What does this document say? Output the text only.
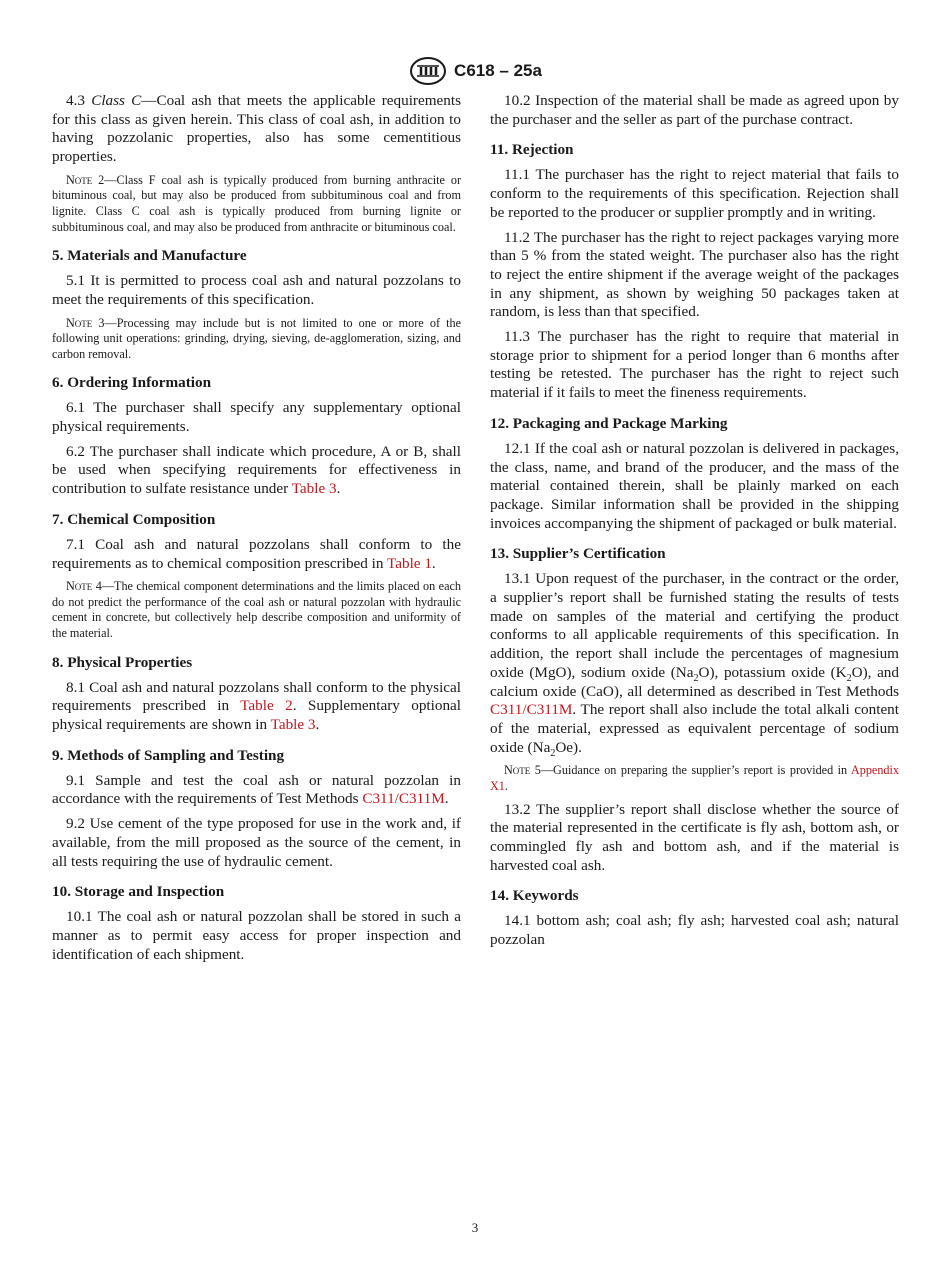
C618 – 25a

4.3 Class C—Coal ash that meets the applicable requirements for this class as given herein. This class of coal ash, in addition to having pozzolanic properties, also has some cementitious properties.

Note 2—Class F coal ash is typically produced from burning anthracite or bituminous coal, but may also be produced from subbituminous coal and from lignite. Class C coal ash is typically produced from burning lignite or subbituminous coal, and may also be produced from anthracite or bituminous coal.

5. Materials and Manufacture

5.1 It is permitted to process coal ash and natural pozzolans to meet the requirements of this specification.

Note 3—Processing may include but is not limited to one or more of the following unit operations: grinding, drying, sieving, de-agglomeration, sizing, and carbon removal.

6. Ordering Information

6.1 The purchaser shall specify any supplementary optional physical requirements.

6.2 The purchaser shall indicate which procedure, A or B, shall be used when specifying requirements for effectiveness in contribution to sulfate resistance under Table 3.

7. Chemical Composition

7.1 Coal ash and natural pozzolans shall conform to the requirements as to chemical composition prescribed in Table 1.

Note 4—The chemical component determinations and the limits placed on each do not predict the performance of the coal ash or natural pozzolan with hydraulic cement in concrete, but collectively help describe composition and uniformity of the material.

8. Physical Properties

8.1 Coal ash and natural pozzolans shall conform to the physical requirements prescribed in Table 2. Supplementary optional physical requirements are shown in Table 3.

9. Methods of Sampling and Testing

9.1 Sample and test the coal ash or natural pozzolan in accordance with the requirements of Test Methods C311/C311M.

9.2 Use cement of the type proposed for use in the work and, if available, from the mill proposed as the source of the cement, in all tests requiring the use of hydraulic cement.

10. Storage and Inspection

10.1 The coal ash or natural pozzolan shall be stored in such a manner as to permit easy access for proper inspection and identification of each shipment.

10.2 Inspection of the material shall be made as agreed upon by the purchaser and the seller as part of the purchase contract.

11. Rejection

11.1 The purchaser has the right to reject material that fails to conform to the requirements of this specification. Rejection shall be reported to the producer or supplier promptly and in writing.

11.2 The purchaser has the right to reject packages varying more than 5 % from the stated weight. The purchaser also has the right to reject the entire shipment if the average weight of the packages in any shipment, as shown by weighing 50 packages taken at random, is less than that specified.

11.3 The purchaser has the right to require that material in storage prior to shipment for a period longer than 6 months after testing be retested. The purchaser has the right to reject such material if it fails to meet the fineness requirements.

12. Packaging and Package Marking

12.1 If the coal ash or natural pozzolan is delivered in packages, the class, name, and brand of the producer, and the mass of the material contained therein, shall be plainly marked on each package. Similar information shall be provided in the shipping invoices accompanying the shipment of packaged or bulk material.

13. Supplier’s Certification

13.1 Upon request of the purchaser, in the contract or the order, a supplier’s report shall be furnished stating the results of tests made on samples of the material and certifying the product conforms to all applicable requirements of this specification. In addition, the report shall include the percentages of magnesium oxide (MgO), sodium oxide $(Na_2O)$, potassium oxide $(K_2O)$, and calcium oxide (CaO), all determined as described in Test Methods C311/C311M. The report shall also include the total alkali content of the material, expressed as equivalent percentage of sodium oxide $(Na_2Oe)$.

Note 5—Guidance on preparing the supplier’s report is provided in Appendix X1.

13.2 The supplier’s report shall disclose whether the source of the material represented in the certificate is fly ash, bottom ash, or commingled fly ash and bottom ash, and if the material is harvested coal ash.

14. Keywords

14.1 bottom ash; coal ash; fly ash; harvested coal ash; natural pozzolan

3
